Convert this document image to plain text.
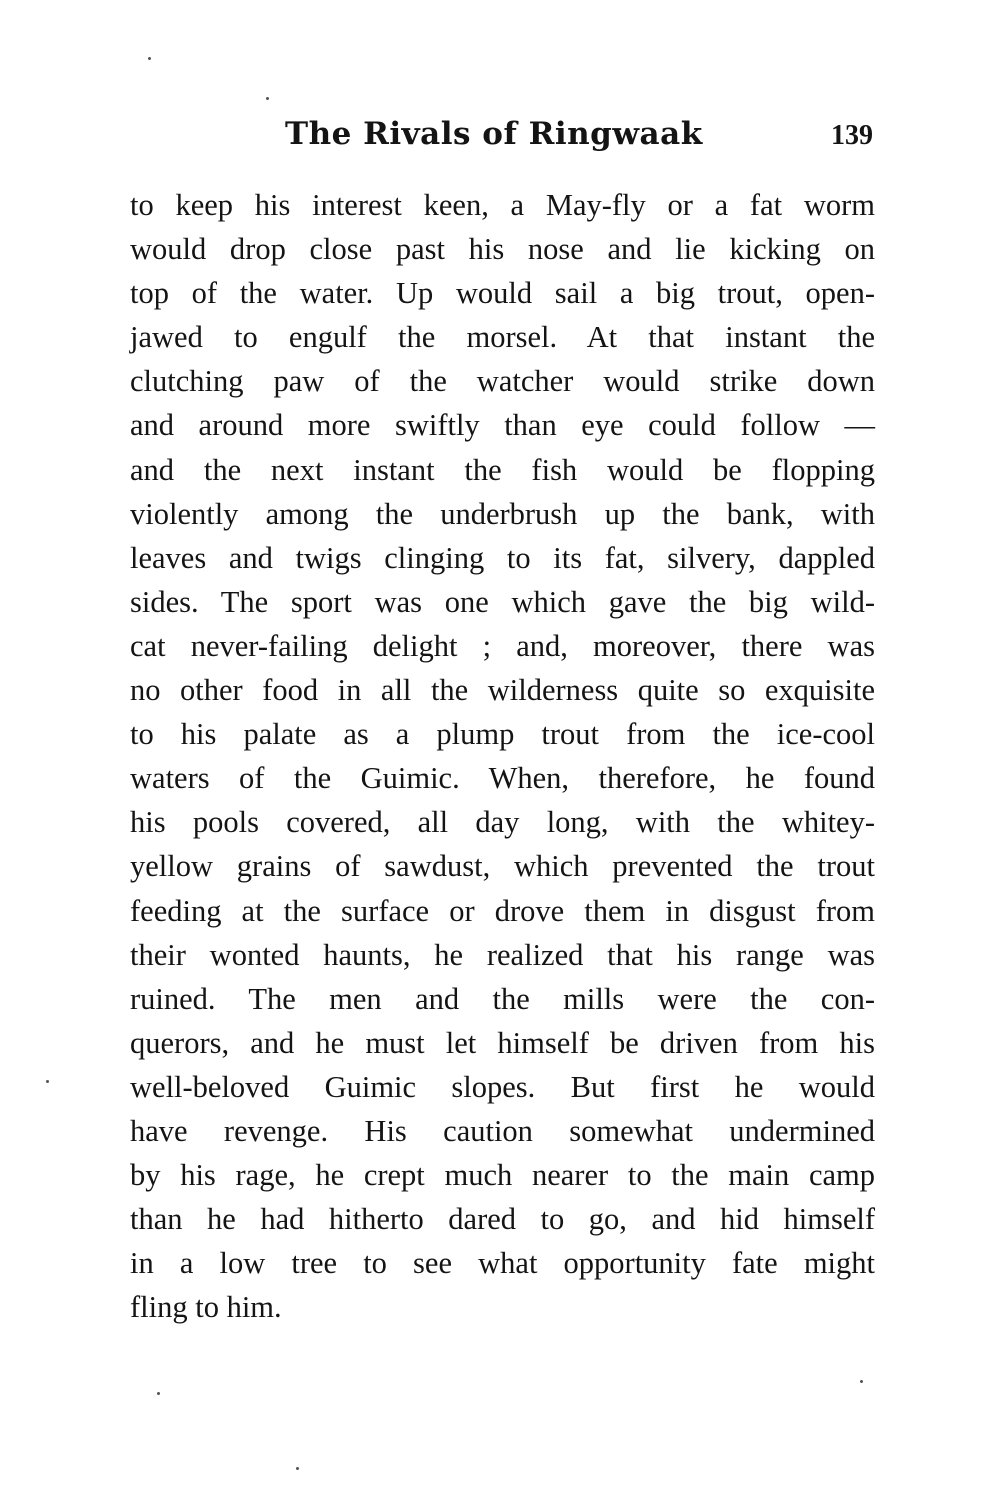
The Rivals of Ringwaak	139
to keep his interest keen, a May-fly or a fat worm
would drop close past his nose and lie kicking on
top of the water. Up would sail a big trout, open-
jawed to engulf the morsel. At that instant the
clutching paw of the watcher would strike down
and around more swiftly than eye could follow —
and the next instant the fish would be flopping
violently among the underbrush up the bank, with
leaves and twigs clinging to its fat, silvery, dappled
sides. The sport was one which gave the big wild-
cat never-failing delight ; and, moreover, there was
no other food in all the wilderness quite so exquisite
to his palate as a plump trout from the ice-cool
waters of the Guimic. When, therefore, he found
his pools covered, all day long, with the whitey-
yellow grains of sawdust, which prevented the trout
feeding at the surface or drove them in disgust from
their wonted haunts, he realized that his range was
ruined. The men and the mills were the con-
querors, and he must let himself be driven from his
well-beloved Guimic slopes. But first he would
have revenge. His caution somewhat undermined
by his rage, he crept much nearer to the main camp
than he had hitherto dared to go, and hid himself
in a low tree to see what opportunity fate might
fling to him.
